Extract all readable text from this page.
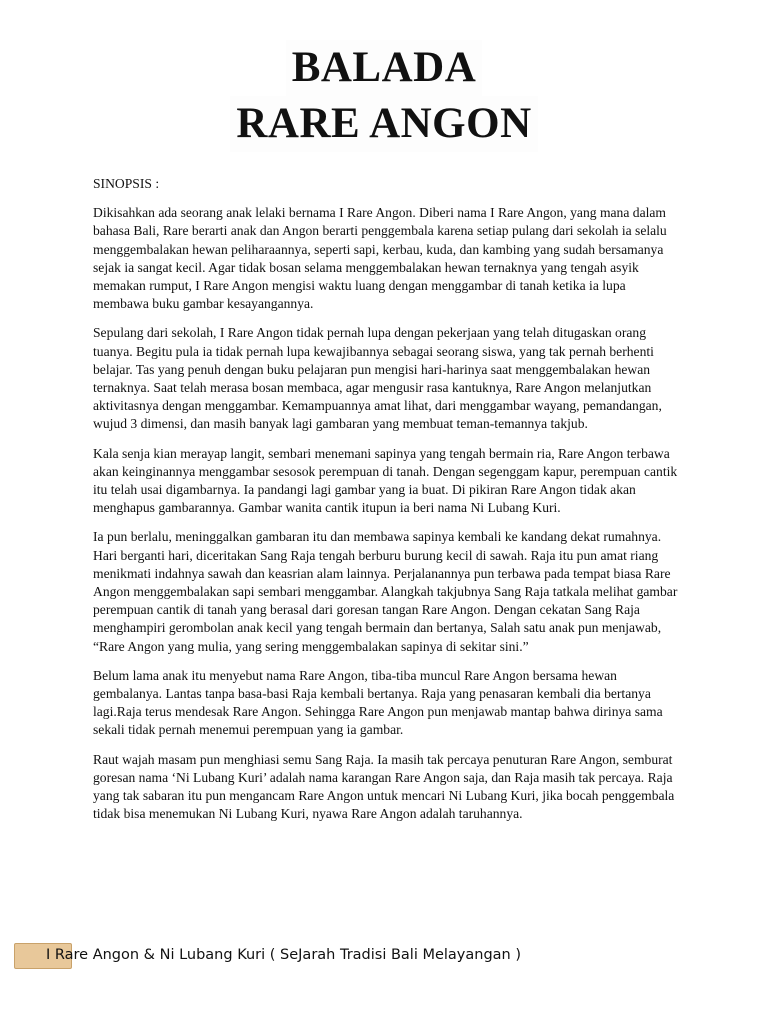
BALADA
RARE ANGON

SINOPSIS :

Dikisahkan ada seorang anak lelaki bernama I Rare Angon. Diberi nama I Rare Angon, yang mana dalam bahasa Bali, Rare berarti anak dan Angon berarti penggembala karena setiap pulang dari sekolah ia selalu menggembalakan hewan peliharaannya, seperti sapi, kerbau, kuda, dan kambing yang sudah bersamanya sejak ia sangat kecil. Agar tidak bosan selama menggembalakan hewan ternaknya yang tengah asyik memakan rumput, I Rare Angon mengisi waktu luang dengan menggambar di tanah ketika ia lupa membawa buku gambar kesayangannya.

Sepulang dari sekolah, I Rare Angon tidak pernah lupa dengan pekerjaan yang telah ditugaskan orang tuanya. Begitu pula ia tidak pernah lupa kewajibannya sebagai seorang siswa, yang tak pernah berhenti belajar. Tas yang penuh dengan buku pelajaran pun mengisi hari-harinya saat menggembalakan hewan ternaknya. Saat telah merasa bosan membaca, agar mengusir rasa kantuknya, Rare Angon melanjutkan aktivitasnya dengan menggambar. Kemampuannya amat lihat, dari menggambar wayang, pemandangan, wujud 3 dimensi, dan masih banyak lagi gambaran yang membuat teman-temannya takjub.

Kala senja kian merayap langit, sembari menemani sapinya yang tengah bermain ria, Rare Angon terbawa akan keinginannya menggambar sesosok perempuan di tanah. Dengan segenggam kapur, perempuan cantik itu telah usai digambarnya. Ia pandangi lagi gambar yang ia buat. Di pikiran Rare Angon tidak akan menghapus gambarannya. Gambar wanita cantik itupun ia beri nama Ni Lubang Kuri.

Ia pun berlalu, meninggalkan gambaran itu dan membawa sapinya kembali ke kandang dekat rumahnya. Hari berganti hari, diceritakan Sang Raja tengah berburu burung kecil di sawah. Raja itu pun amat riang menikmati indahnya sawah dan keasrian alam lainnya. Perjalanannya pun terbawa pada tempat biasa Rare Angon menggembalakan sapi sembari menggambar. Alangkah takjubnya Sang Raja tatkala melihat gambar perempuan cantik di tanah yang berasal dari goresan tangan Rare Angon. Dengan cekatan Sang Raja menghampiri gerombolan anak kecil yang tengah bermain dan bertanya, Salah satu anak pun menjawab, “Rare Angon yang mulia, yang sering menggembalakan sapinya di sekitar sini.”

Belum lama anak itu menyebut nama Rare Angon, tiba-tiba muncul Rare Angon bersama hewan gembalanya. Lantas tanpa basa-basi Raja kembali bertanya. Raja yang penasaran kembali dia bertanya lagi.Raja terus mendesak Rare Angon. Sehingga Rare Angon pun menjawab mantap bahwa dirinya sama sekali tidak pernah menemui perempuan yang ia gambar.

Raut wajah masam pun menghiasi semu Sang Raja. Ia masih tak percaya penuturan Rare Angon, semburat goresan nama ‘Ni Lubang Kuri’ adalah nama karangan Rare Angon saja, dan Raja masih tak percaya. Raja yang tak sabaran itu pun mengancam Rare Angon untuk mencari Ni Lubang Kuri, jika bocah penggembala tidak bisa menemukan Ni Lubang Kuri, nyawa Rare Angon adalah taruhannya.

I Rare Angon & Ni Lubang Kuri ( SeJarah Tradisi Bali Melayangan )
